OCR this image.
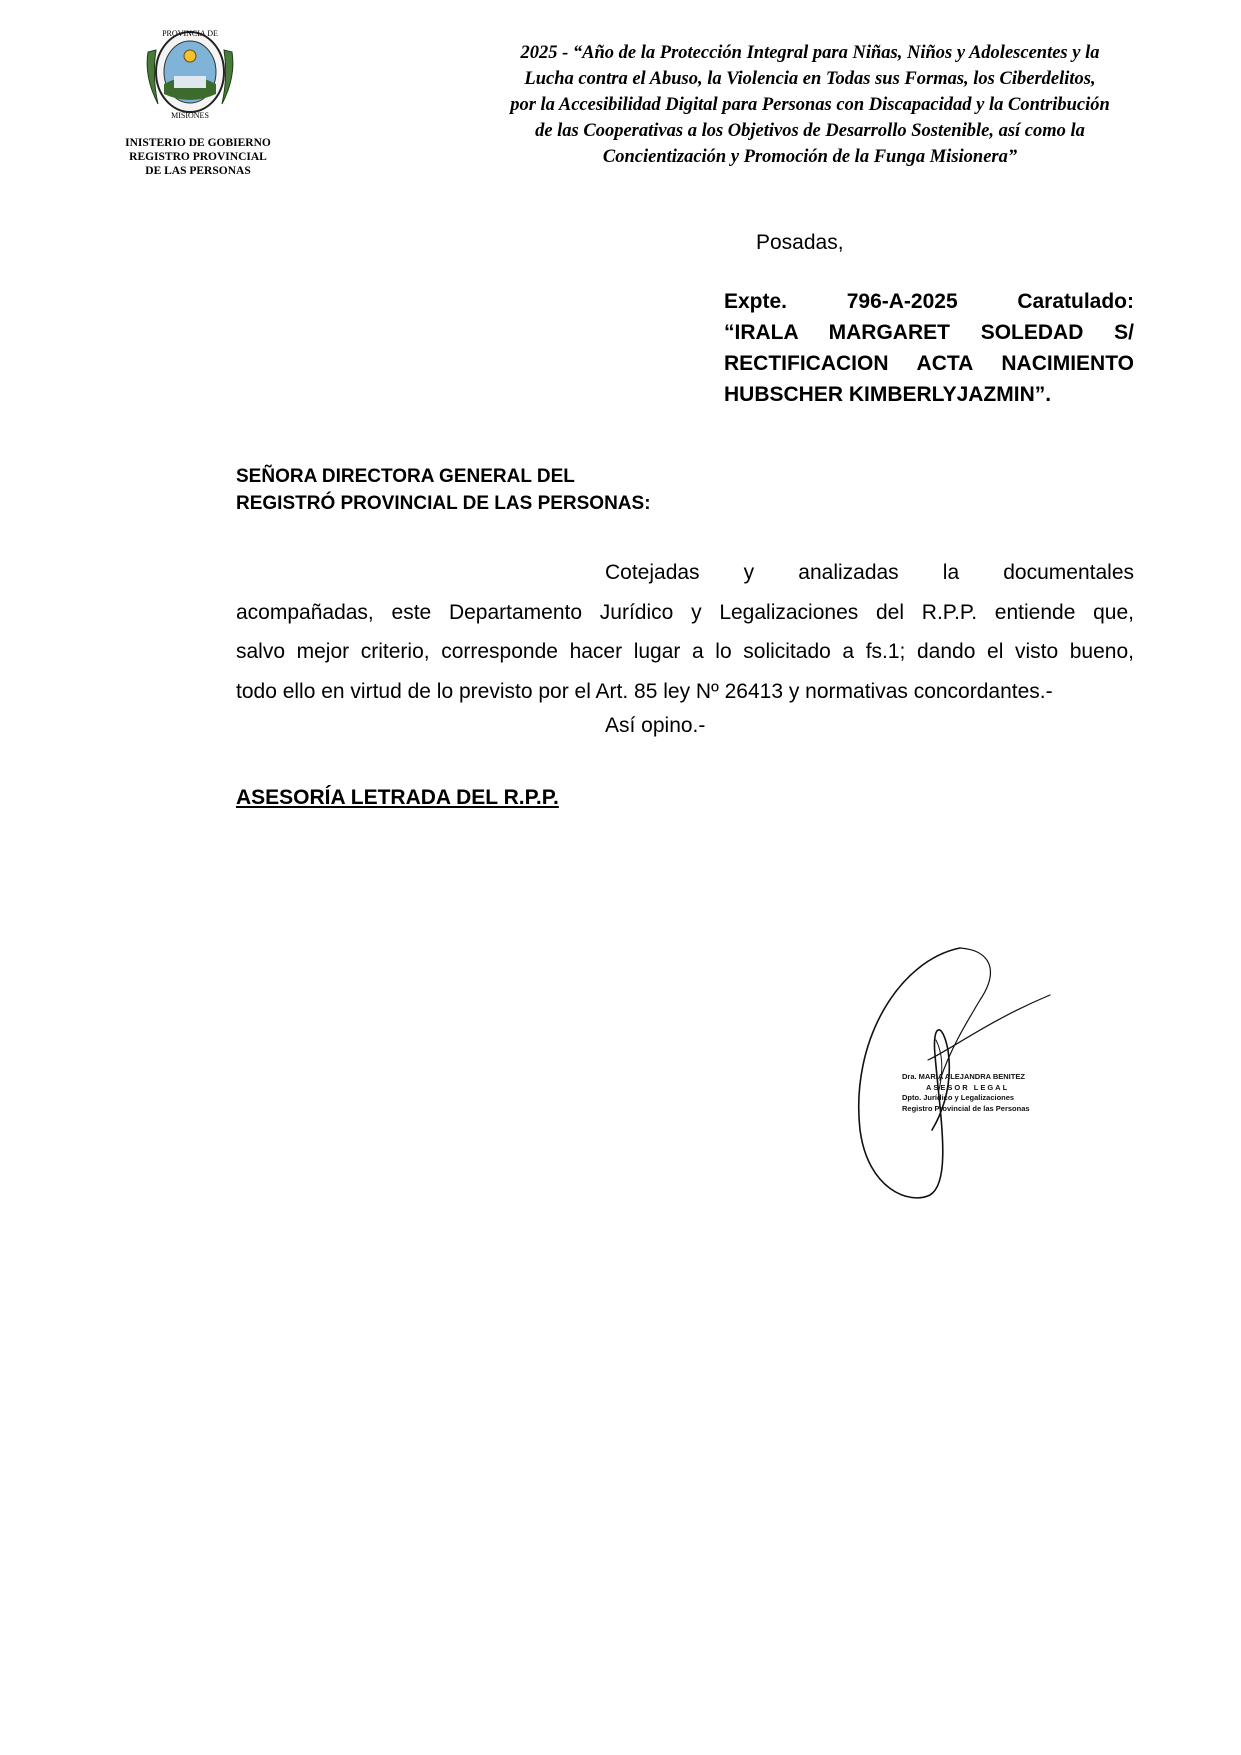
PROVINCIA DE
MISIONES
INISTERIO DE GOBIERNO
REGISTRO PROVINCIAL
DE LAS PERSONAS
2025 - “Año de la Protección Integral para Niñas, Niños y Adolescentes y la
Lucha contra el Abuso, la Violencia en Todas sus Formas, los Ciberdelitos,
por la Accesibilidad Digital para Personas con Discapacidad y la Contribución
de las Cooperativas a los Objetivos de Desarrollo Sostenible, así como la
Concientización y Promoción de la Funga Misionera”
Posadas,
Expte. 796-A-2025 Caratulado:
“IRALA MARGARET SOLEDAD S/
RECTIFICACION ACTA NACIMIENTO
HUBSCHER KIMBERLYJAZMIN”.
SEÑORA DIRECTORA GENERAL DEL
REGISTRÓ PROVINCIAL DE LAS PERSONAS:
Cotejadas y analizadas la documentales
acompañadas, este Departamento Jurídico y Legalizaciones del R.P.P. entiende que,
salvo mejor criterio, corresponde hacer lugar a lo solicitado a fs.1; dando el visto bueno,
todo ello en virtud de lo previsto por el Art. 85 ley Nº 26413 y normativas concordantes.-
Así opino.-
ASESORÍA LETRADA DEL R.P.P.
Dra. MARIA ALEJANDRA BENITEZ
ASESOR LEGAL
Dpto. Jurídico y Legalizaciones
Registro Provincial de las Personas
